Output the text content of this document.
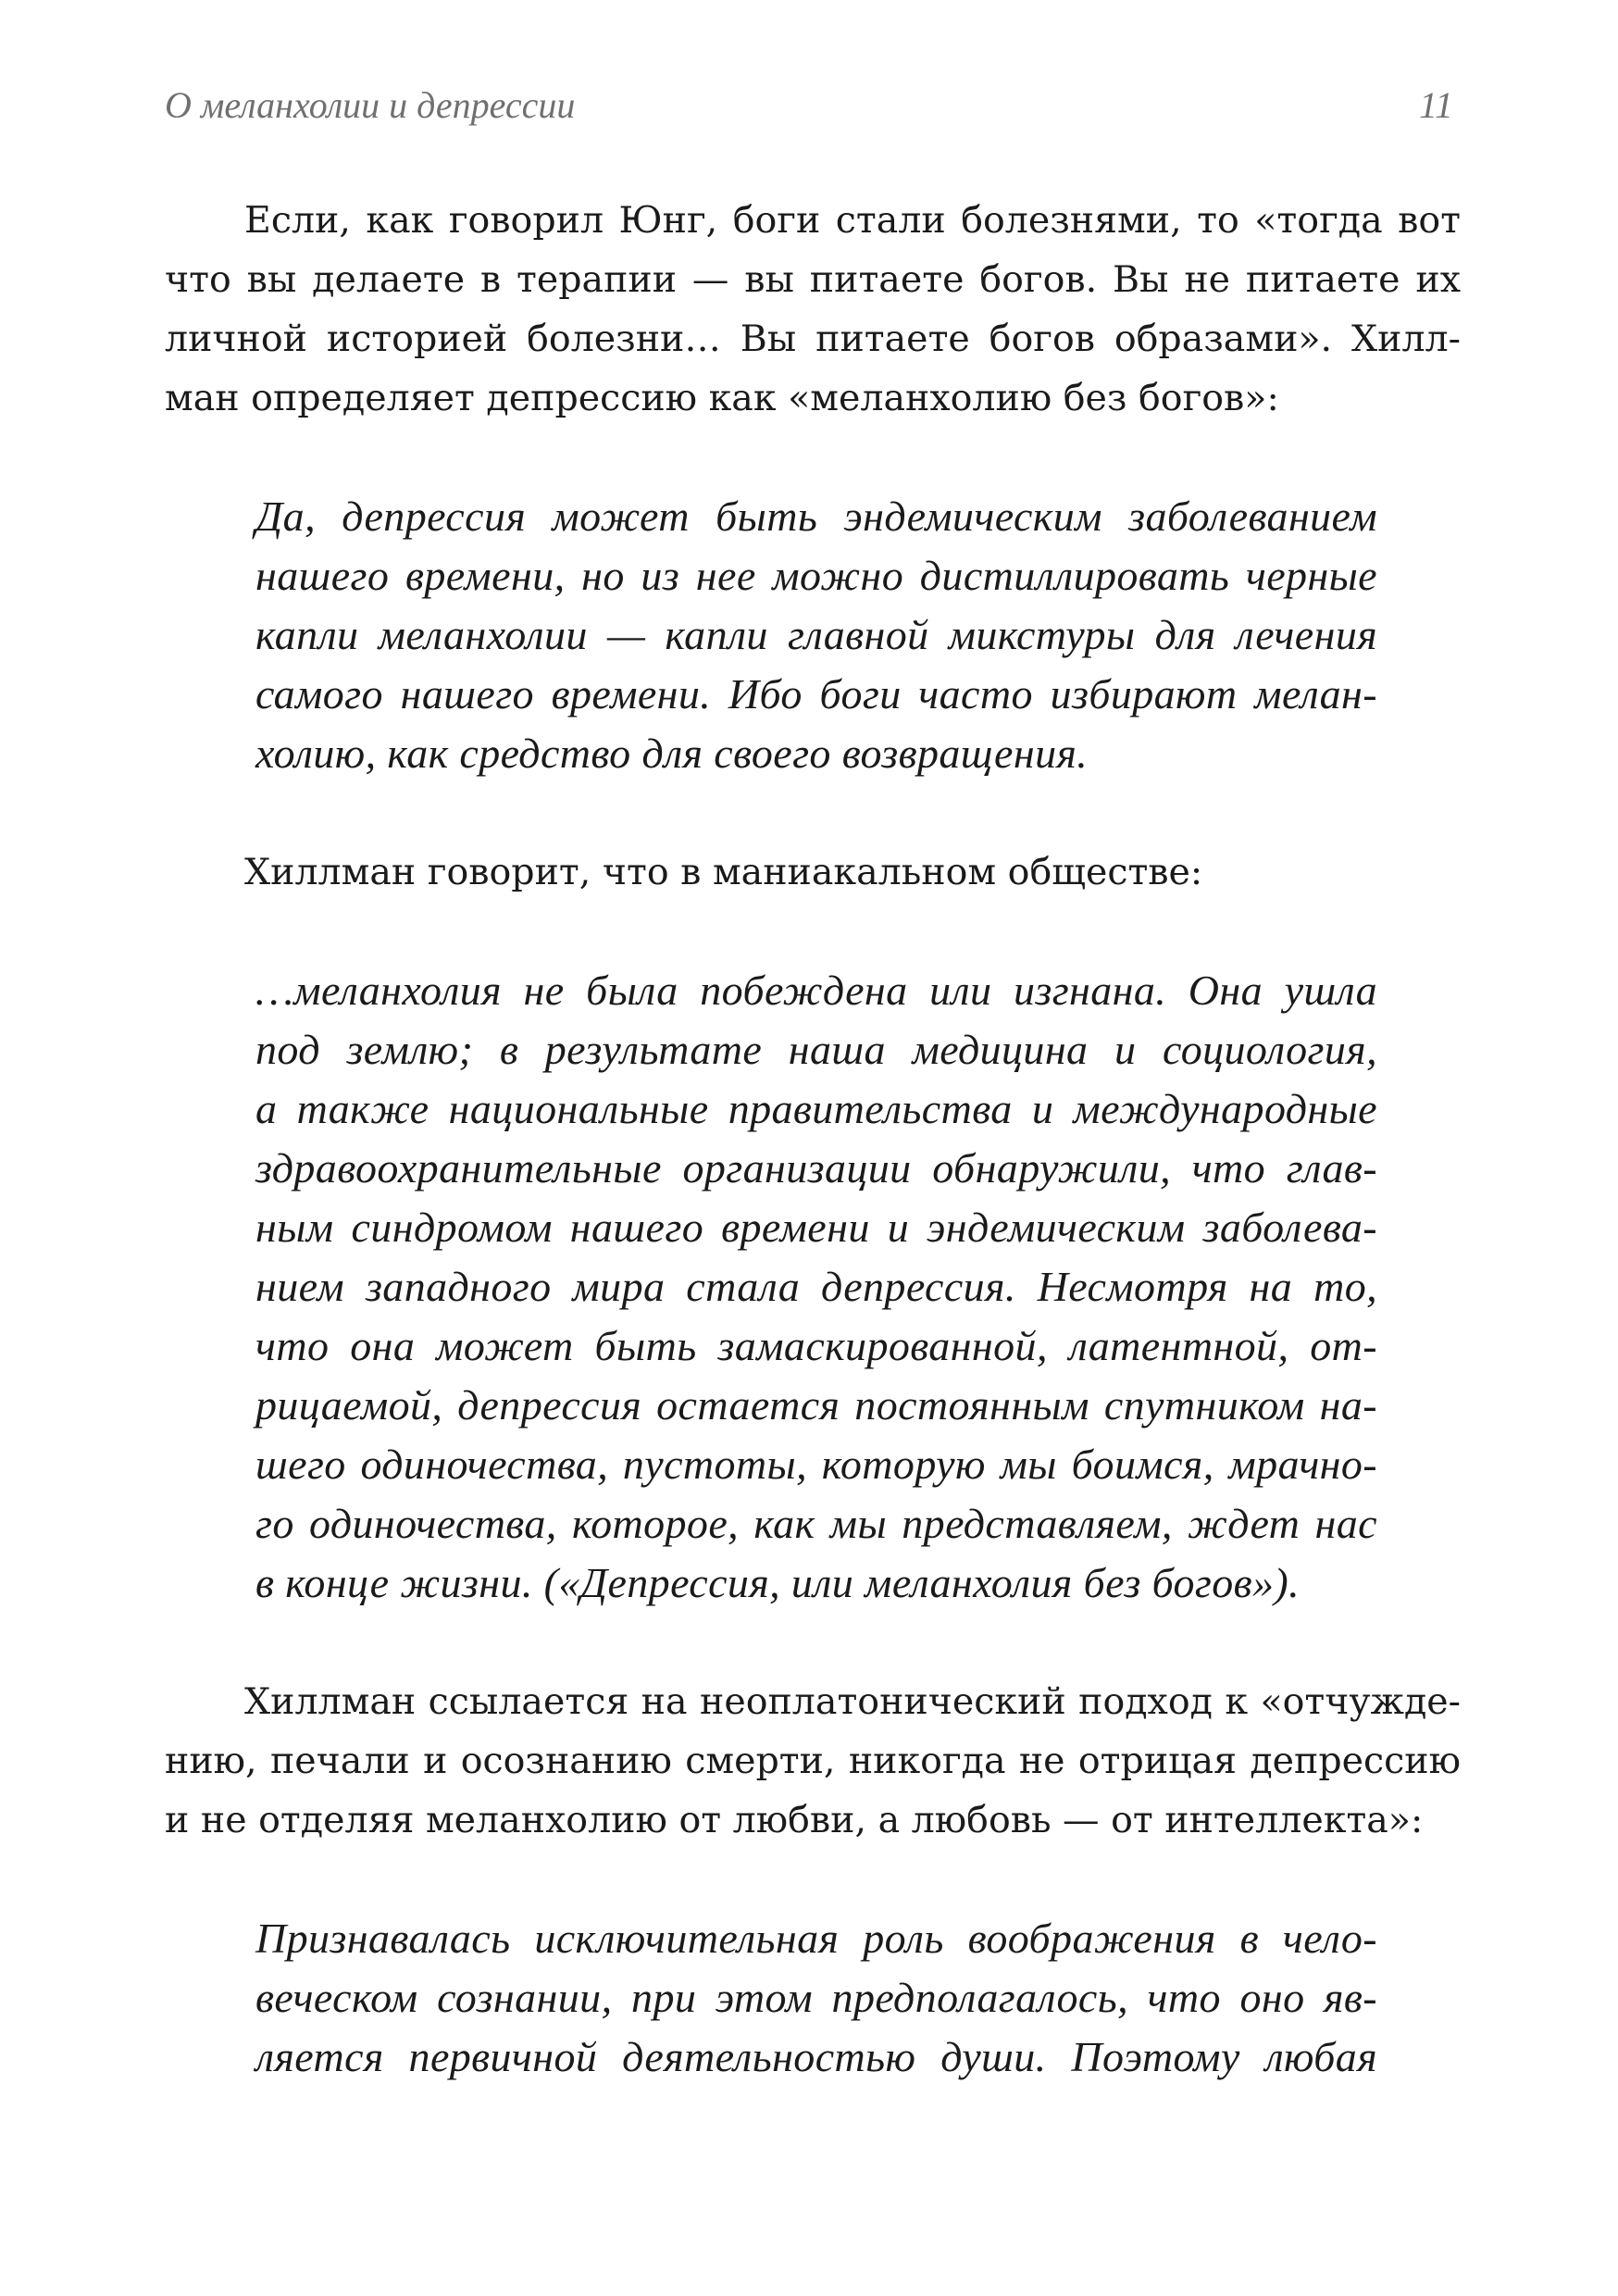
О меланхолии и депрессии	11
Если, как говорил Юнг, боги стали болезнями, то «тогда вот
что вы делаете в терапии — вы питаете богов. Вы не питаете их
личной историей болезни… Вы питаете богов образами». Хилл-
ман определяет депрессию как «меланхолию без богов»:
Да, депрессия может быть эндемическим заболеванием
нашего времени, но из нее можно дистиллировать черные
капли меланхолии — капли главной микстуры для лечения
самого нашего времени. Ибо боги часто избирают мелан-
холию, как средство для своего возвращения.
Хиллман говорит, что в маниакальном обществе:
…меланхолия не была побеждена или изгнана. Она ушла
под землю; в результате наша медицина и социология,
а также национальные правительства и международные
здравоохранительные организации обнаружили, что глав-
ным синдромом нашего времени и эндемическим заболева-
нием западного мира стала депрессия. Несмотря на то,
что она может быть замаскированной, латентной, от-
рицаемой, депрессия остается постоянным спутником на-
шего одиночества, пустоты, которую мы боимся, мрачно-
го одиночества, которое, как мы представляем, ждет нас
в конце жизни. («Депрессия, или меланхолия без богов»).
Хиллман ссылается на неоплатонический подход к «отчужде-
нию, печали и осознанию смерти, никогда не отрицая депрессию
и не отделяя меланхолию от любви, а любовь — от интеллекта»:
Признавалась исключительная роль воображения в чело-
веческом сознании, при этом предполагалось, что оно яв-
ляется первичной деятельностью души. Поэтому любая
